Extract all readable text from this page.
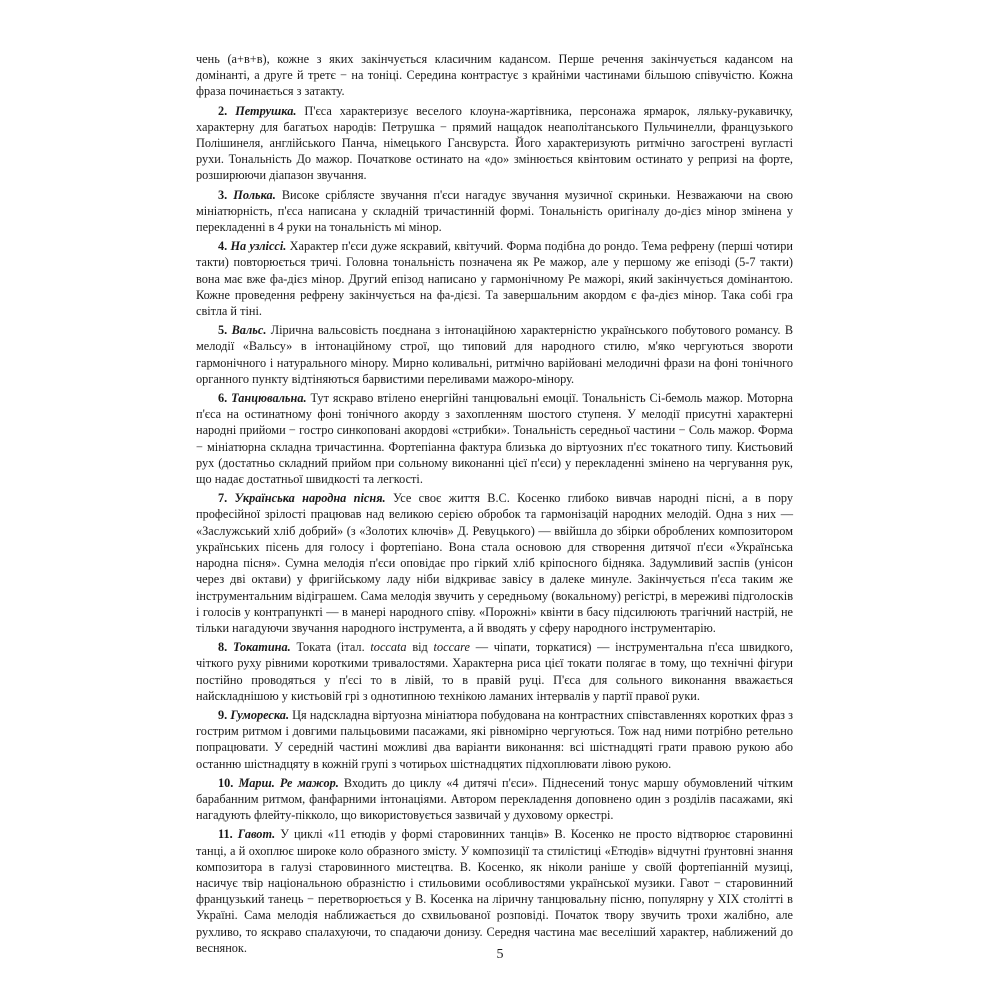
чень (а+в+в), кожне з яких закінчується класичним кадансом. Перше речення закінчується кадансом на домінанті, а друге й третє − на тоніці. Середина контрастує з крайніми частинами більшою співучістю. Кожна фраза починається з затакту.

2. Петрушка. П'єса характеризує веселого клоуна-жартівника, персонажа ярмарок, ляльку-рукавичку, характерну для багатьох народів: Петрушка − прямий нащадок неаполітанського Пульчинелли, французького Полішинеля, англійського Панча, німецького Гансвурста. Його характеризують ритмічно загострені вугласті рухи. Тональність До мажор. Початкове остинато на «до» змінюється квінтовим остинато у репризі на форте, розширюючи діапазон звучання.

3. Полька. Високе сріблясте звучання п'єси нагадує звучання музичної скриньки. Незважаючи на свою мініатюрність, п'єса написана у складній тричастинній формі. Тональність оригіналу до-дієз мінор змінена у перекладенні в 4 руки на тональність мі мінор.

4. На узліссі. Характер п'єси дуже яскравий, квітучий. Форма подібна до рондо. Тема рефрену (перші чотири такти) повторюється тричі. Головна тональність позначена як Ре мажор, але у першому же епізоді (5-7 такти) вона має вже фа-дієз мінор. Другий епізод написано у гармонічному Ре мажорі, який закінчується домінантою. Кожне проведення рефрену закінчується на фа-дієзі. Та завершальним акордом є фа-дієз мінор. Така собі гра світла й тіні.

5. Вальс. Лірична вальсовість поєднана з інтонаційною характерністю українського побутового романсу. В мелодії «Вальсу» в інтонаційному строї, що типовий для народного стилю, м'яко чергуються звороти гармонічного і натурального мінору. Мирно коливальні, ритмічно варійовані мелодичні фрази на фоні тонічного органного пункту відтіняються барвистими переливами мажоро-мінору.

6. Танцювальна. Тут яскраво втілено енергійні танцювальні емоції. Тональність Сі-бемоль мажор. Моторна п'єса на остинатному фоні тонічного акорду з захопленням шостого ступеня. У мелодії присутні характерні народні прийоми − гостро синкоповані акордові «стрибки». Тональність середньої частини − Соль мажор. Форма − мініатюрна складна тричастинна. Фортепіанна фактура близька до віртуозних п'єс токатного типу. Кистьовий рух (достатньо складний прийом при сольному виконанні цієї п'єси) у перекладенні змінено на чергування рук, що надає достатньої швидкості та легкості.

7. Українська народна пісня. Усе своє життя В.С. Косенко глибоко вивчав народні пісні, а в пору професійної зрілості працював над великою серією обробок та гармонізацій народних мелодій. Одна з них — «Заслужський хліб добрий» (з «Золотих ключів» Д. Ревуцького) — ввійшла до збірки оброблених композитором українських пісень для голосу і фортепіано. Вона стала основою для створення дитячої п'єси «Українська народна пісня». Сумна мелодія п'єси оповідає про гіркий хліб кріпосного бідняка. Задумливий заспів (унісон через дві октави) у фригійському ладу ніби відкриває завісу в далеке минуле. Закінчується п'єса таким же інструментальним відігрaшем. Сама мелодія звучить у середньому (вокальному) регістрі, в мереживі підголосків і голосів у контрапункті — в манері народного співу. «Порожні» квінти в басу підсилюють трагічний настрій, не тільки нагадуючи звучання народного інструмента, а й вводять у сферу народного інструментарію.

8. Токатина. Токата (італ. toccata від toccare — чіпати, торкатися) — інструментальна п'єса швидкого, чіткого руху рівними короткими тривалостями. Характерна риса цієї токати полягає в тому, що технічні фігури постійно проводяться у п'єсі то в лівій, то в правій руці. П'єса для сольного виконання вважається найскладнішою у кистьовій грі з однотипною технікою ламаних інтервалів у партії правої руки.

9. Гумореска. Ця надскладна віртуозна мініатюра побудована на контрастних співставленнях коротких фраз з гострим ритмом і довгими пальцьовими пасажами, які рівномірно чергуються. Тож над ними потрібно ретельно попрацювати. У середній частині можливі два варіанти виконання: всі шістнадцяті грати правою рукою або останню шістнадцяту в кожній групі з чотирьох шістнадцятих підхоплювати лівою рукою.

10. Марш. Ре мажор. Входить до циклу «4 дитячі п'єси». Піднесений тонус маршу обумовлений чітким барабанним ритмом, фанфарними інтонаціями. Автором перекладення доповнено один з розділів пасажами, які нагадують флейту-пікколо, що використовується зазвичай у духовому оркестрі.

11. Гавот. У циклі «11 етюдів у формі старовинних танців» В. Косенко не просто відтворює старовинні танці, а й охоплює широке коло образного змісту. У композиції та стилістиці «Етюдів» відчутні ґрунтовні знання композитора в галузі старовинного мистецтва. В. Косенко, як ніколи раніше у своїй фортепіанній музиці, насичує твір національною образністю і стильовими особливостями української музики. Гавот − старовинний французький танець − перетворюється у В. Косенка на ліричну танцювальну пісню, популярну у ХІХ столітті в Україні. Сама мелодія наближається до схвильованої розповіді. Початок твору звучить трохи жалібно, але рухливо, то яскраво спалахуючи, то спадаючи донизу. Середня частина має веселіший характер, наближений до веснянок.	5
